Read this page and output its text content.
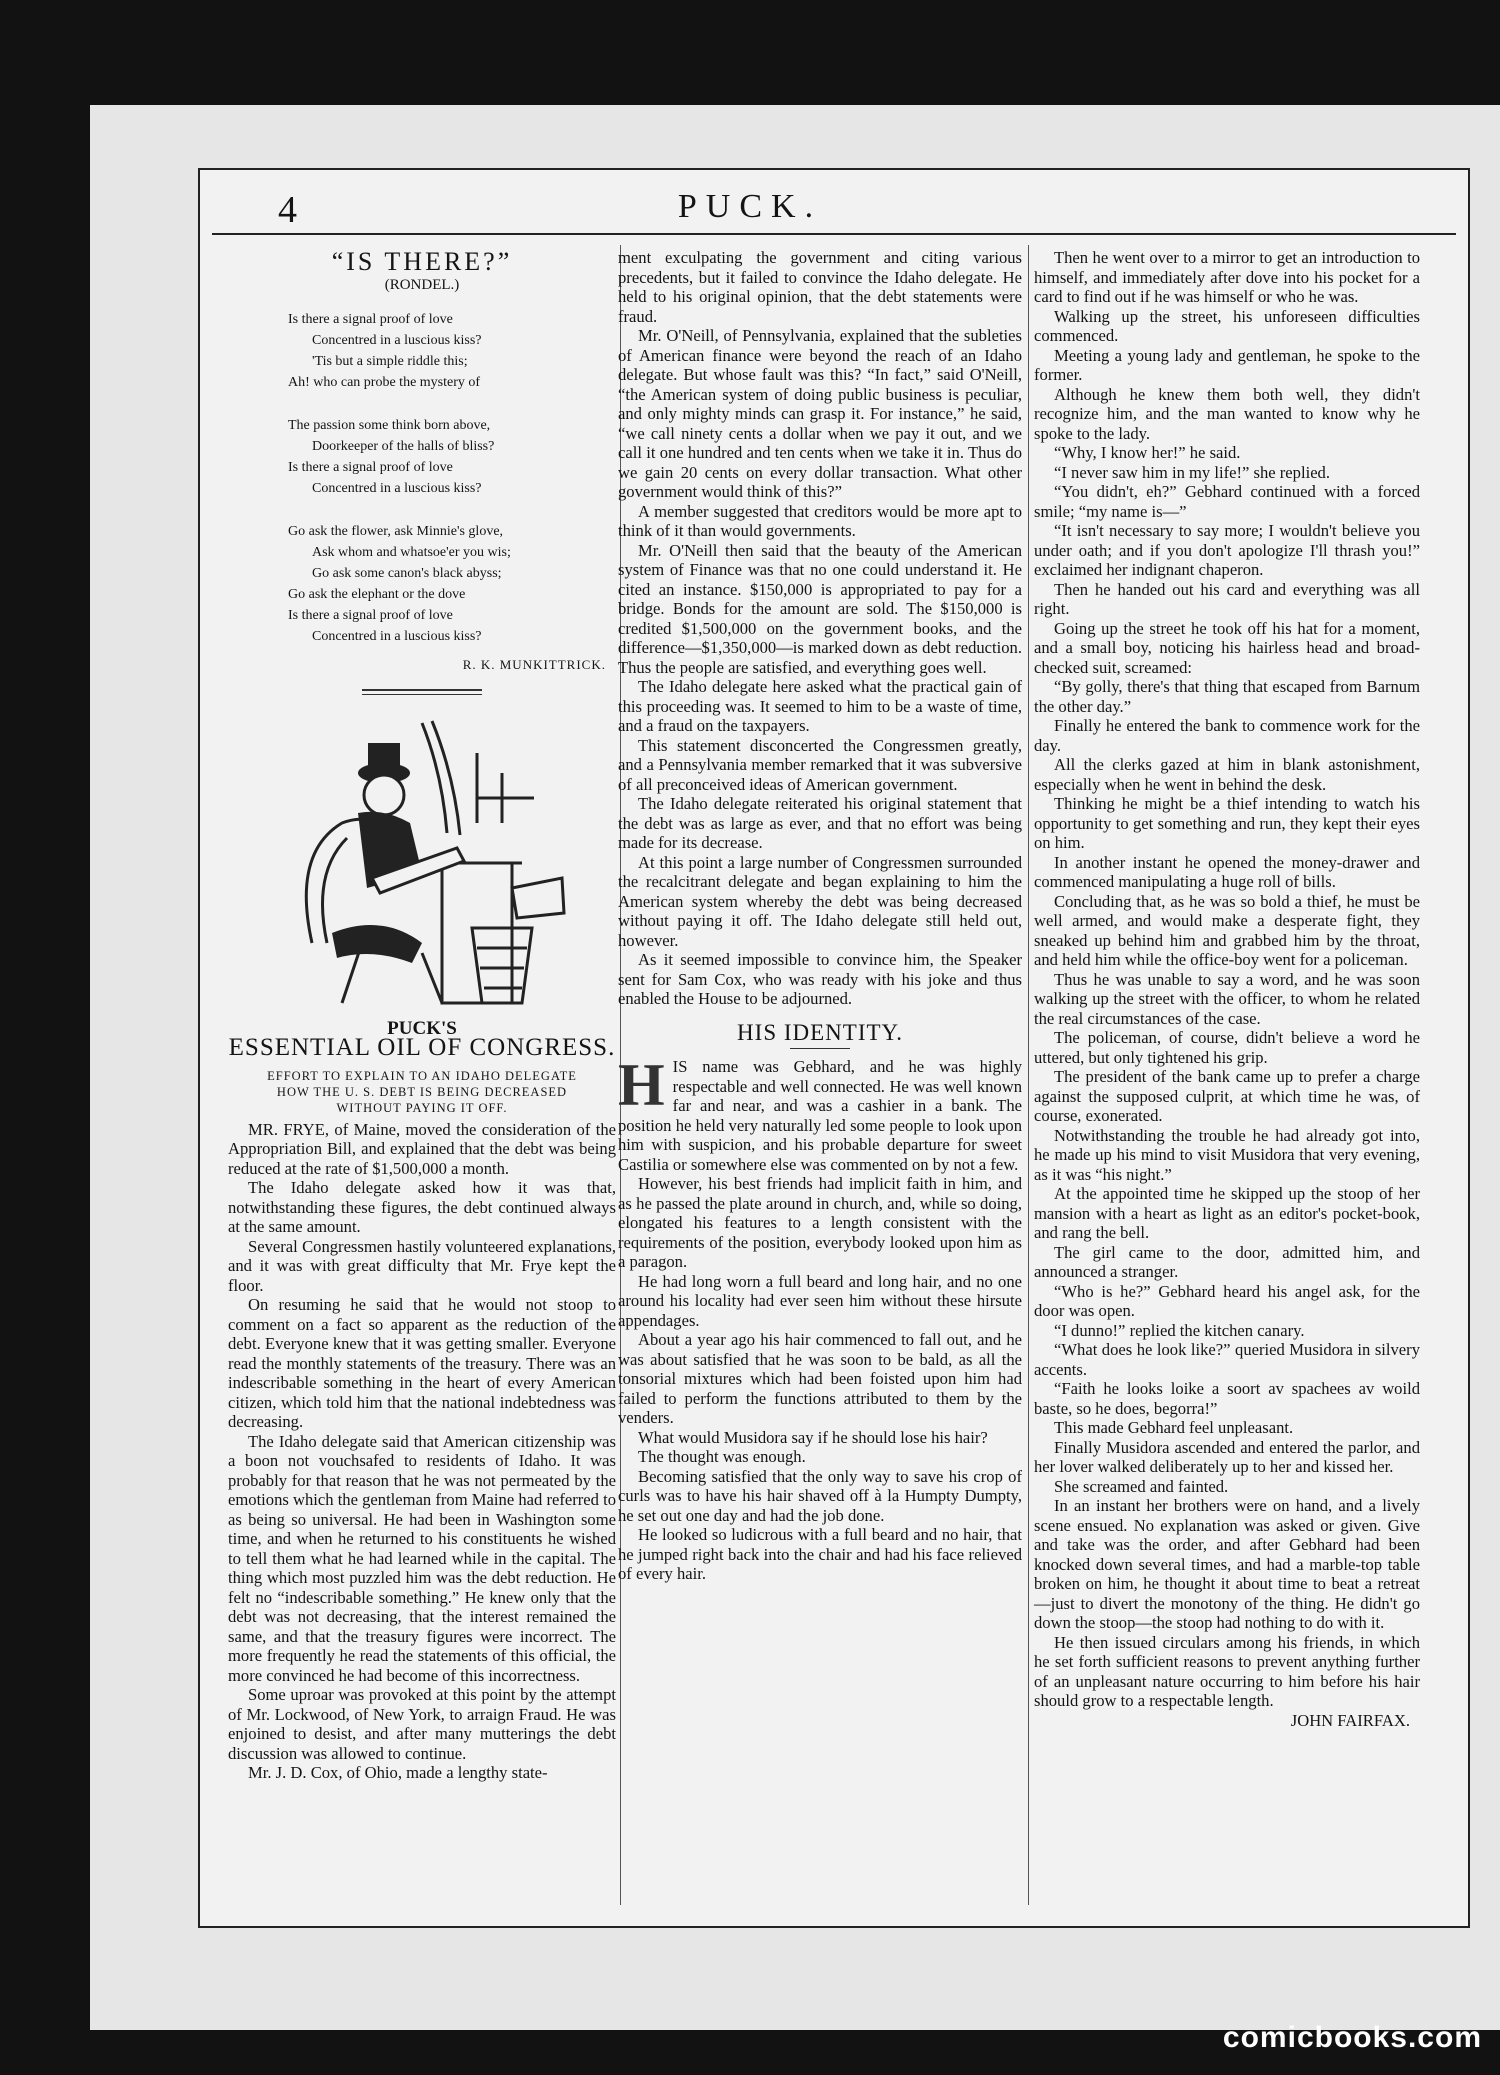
4	PUCK.
“IS THERE?”
(RONDEL.)
Is there a signal proof of love
Concentred in a luscious kiss?
'Tis but a simple riddle this;
Ah! who can probe the mystery of
The passion some think born above,
Doorkeeper of the halls of bliss?
Is there a signal proof of love
Concentred in a luscious kiss?
Go ask the flower, ask Minnie's glove,
Ask whom and whatsoe'er you wis;
Go ask some canon's black abyss;
Go ask the elephant or the dove
Is there a signal proof of love
Concentred in a luscious kiss?
R. K. MUNKITTRICK.
PUCK'S
ESSENTIAL OIL OF CONGRESS.
EFFORT TO EXPLAIN TO AN IDAHO DELEGATE
HOW THE U. S. DEBT IS BEING DECREASED
WITHOUT PAYING IT OFF.

MR. FRYE, of Maine, moved the consideration of the Appropriation Bill, and explained that the debt was being reduced at the rate of $1,500,000 a month.

The Idaho delegate asked how it was that, notwithstanding these figures, the debt continued always at the same amount.

Several Congressmen hastily volunteered explanations, and it was with great difficulty that Mr. Frye kept the floor.

On resuming he said that he would not stoop to comment on a fact so apparent as the reduction of the debt. Everyone knew that it was getting smaller. Everyone read the monthly statements of the treasury. There was an indescribable something in the heart of every American citizen, which told him that the national indebtedness was decreasing.

The Idaho delegate said that American citizenship was a boon not vouchsafed to residents of Idaho. It was probably for that reason that he was not permeated by the emotions which the gentleman from Maine had referred to as being so universal. He had been in Washington some time, and when he returned to his constituents he wished to tell them what he had learned while in the capital. The thing which most puzzled him was the debt reduction. He felt no “indescribable something.” He knew only that the debt was not decreasing, that the interest remained the same, and that the treasury figures were incorrect. The more frequently he read the statements of this official, the more convinced he had become of this incorrectness.

Some uproar was provoked at this point by the attempt of Mr. Lockwood, of New York, to arraign Fraud. He was enjoined to desist, and after many mutterings the debt discussion was allowed to continue.

Mr. J. D. Cox, of Ohio, made a lengthy state-

ment exculpating the government and citing various precedents, but it failed to convince the Idaho delegate. He held to his original opinion, that the debt statements were fraud.

Mr. O'Neill, of Pennsylvania, explained that the subleties of American finance were beyond the reach of an Idaho delegate. But whose fault was this? “In fact,” said O'Neill, “the American system of doing public business is peculiar, and only mighty minds can grasp it. For instance,” he said, “we call ninety cents a dollar when we pay it out, and we call it one hundred and ten cents when we take it in. Thus do we gain 20 cents on every dollar transaction. What other government would think of this?”

A member suggested that creditors would be more apt to think of it than would governments.

Mr. O'Neill then said that the beauty of the American system of Finance was that no one could understand it. He cited an instance. $150,000 is appropriated to pay for a bridge. Bonds for the amount are sold. The $150,000 is credited $1,500,000 on the government books, and the difference—$1,350,000—is marked down as debt reduction. Thus the people are satisfied, and everything goes well.

The Idaho delegate here asked what the practical gain of this proceeding was. It seemed to him to be a waste of time, and a fraud on the taxpayers.

This statement disconcerted the Congressmen greatly, and a Pennsylvania member remarked that it was subversive of all preconceived ideas of American government.

The Idaho delegate reiterated his original statement that the debt was as large as ever, and that no effort was being made for its decrease.

At this point a large number of Congressmen surrounded the recalcitrant delegate and began explaining to him the American system whereby the debt was being decreased without paying it off. The Idaho delegate still held out, however.

As it seemed impossible to convince him, the Speaker sent for Sam Cox, who was ready with his joke and thus enabled the House to be adjourned.

HIS IDENTITY.

HIS name was Gebhard, and he was highly respectable and well connected. He was well known far and near, and was a cashier in a bank. The position he held very naturally led some people to look upon him with suspicion, and his probable departure for sweet Castilia or somewhere else was commented on by not a few.

However, his best friends had implicit faith in him, and as he passed the plate around in church, and, while so doing, elongated his features to a length consistent with the requirements of the position, everybody looked upon him as a paragon.

He had long worn a full beard and long hair, and no one around his locality had ever seen him without these hirsute appendages.

About a year ago his hair commenced to fall out, and he was about satisfied that he was soon to be bald, as all the tonsorial mixtures which had been foisted upon him had failed to perform the functions attributed to them by the venders.

What would Musidora say if he should lose his hair?

The thought was enough.

Becoming satisfied that the only way to save his crop of curls was to have his hair shaved off à la Humpty Dumpty, he set out one day and had the job done.

He looked so ludicrous with a full beard and no hair, that he jumped right back into the chair and had his face relieved of every hair.

Then he went over to a mirror to get an introduction to himself, and immediately after dove into his pocket for a card to find out if he was himself or who he was.

Walking up the street, his unforeseen difficulties commenced.

Meeting a young lady and gentleman, he spoke to the former.

Although he knew them both well, they didn't recognize him, and the man wanted to know why he spoke to the lady.

“Why, I know her!” he said.

“I never saw him in my life!” she replied.

“You didn't, eh?” Gebhard continued with a forced smile; “my name is—”

“It isn't necessary to say more; I wouldn't believe you under oath; and if you don't apologize I'll thrash you!” exclaimed her indignant chaperon.

Then he handed out his card and everything was all right.

Going up the street he took off his hat for a moment, and a small boy, noticing his hairless head and broad-checked suit, screamed:

“By golly, there's that thing that escaped from Barnum the other day.”

Finally he entered the bank to commence work for the day.

All the clerks gazed at him in blank astonishment, especially when he went in behind the desk.

Thinking he might be a thief intending to watch his opportunity to get something and run, they kept their eyes on him.

In another instant he opened the money-drawer and commenced manipulating a huge roll of bills.

Concluding that, as he was so bold a thief, he must be well armed, and would make a desperate fight, they sneaked up behind him and grabbed him by the throat, and held him while the office-boy went for a policeman.

Thus he was unable to say a word, and he was soon walking up the street with the officer, to whom he related the real circumstances of the case.

The policeman, of course, didn't believe a word he uttered, but only tightened his grip.

The president of the bank came up to prefer a charge against the supposed culprit, at which time he was, of course, exonerated.

Notwithstanding the trouble he had already got into, he made up his mind to visit Musidora that very evening, as it was “his night.”

At the appointed time he skipped up the stoop of her mansion with a heart as light as an editor's pocket-book, and rang the bell.

The girl came to the door, admitted him, and announced a stranger.

“Who is he?” Gebhard heard his angel ask, for the door was open.

“I dunno!” replied the kitchen canary.

“What does he look like?” queried Musidora in silvery accents.

“Faith he looks loike a soort av spachees av woild baste, so he does, begorra!”

This made Gebhard feel unpleasant.

Finally Musidora ascended and entered the parlor, and her lover walked deliberately up to her and kissed her.

She screamed and fainted.

In an instant her brothers were on hand, and a lively scene ensued. No explanation was asked or given. Give and take was the order, and after Gebhard had been knocked down several times, and had a marble-top table broken on him, he thought it about time to beat a retreat—just to divert the monotony of the thing. He didn't go down the stoop—the stoop had nothing to do with it.

He then issued circulars among his friends, in which he set forth sufficient reasons to prevent anything further of an unpleasant nature occurring to him before his hair should grow to a respectable length.

JOHN FAIRFAX.
comicbooks.com
